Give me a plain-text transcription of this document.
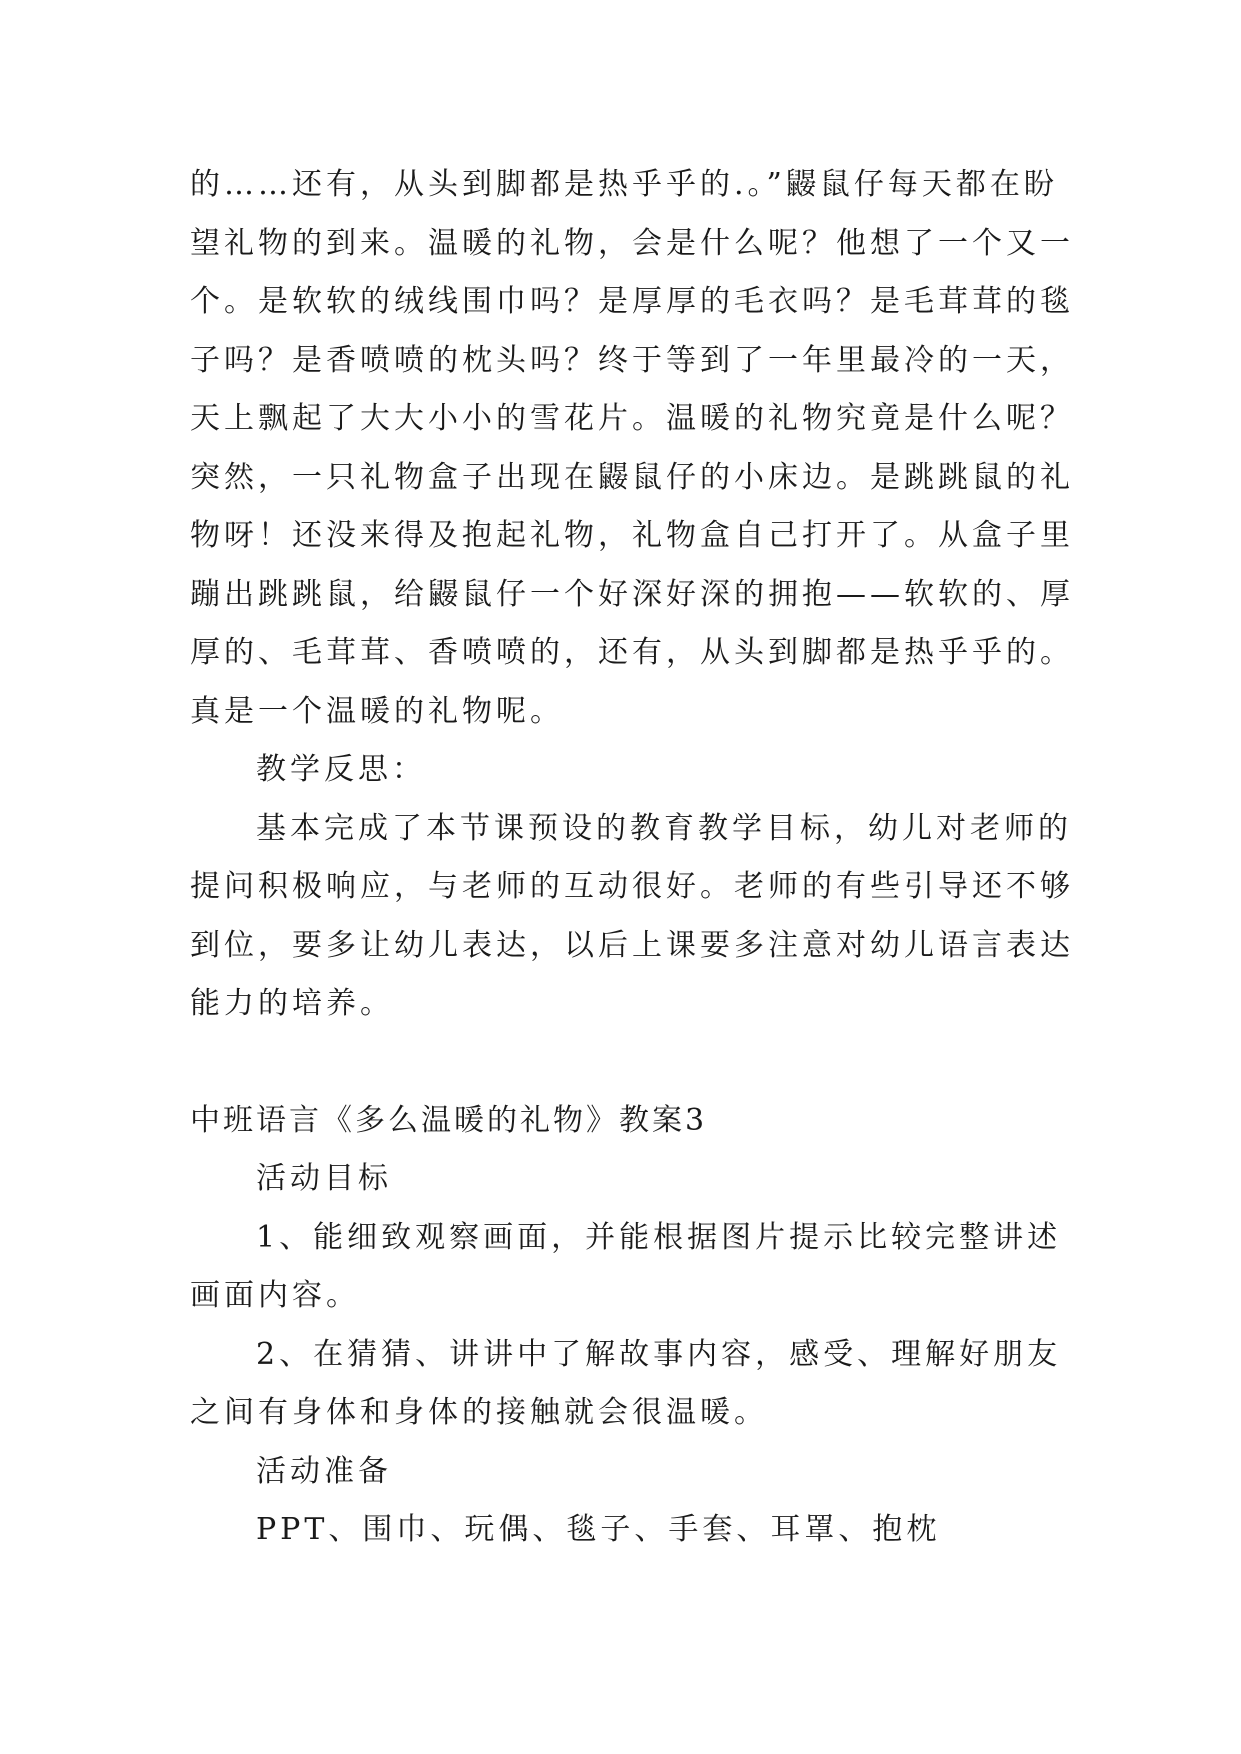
的……还有，从头到脚都是热乎乎的.。”鼹鼠仔每天都在盼
望礼物的到来。温暖的礼物，会是什么呢？他想了一个又一
个。是软软的绒线围巾吗？是厚厚的毛衣吗？是毛茸茸的毯
子吗？是香喷喷的枕头吗？终于等到了一年里最冷的一天，
天上飘起了大大小小的雪花片。温暖的礼物究竟是什么呢？
突然，一只礼物盒子出现在鼹鼠仔的小床边。是跳跳鼠的礼
物呀！还没来得及抱起礼物，礼物盒自己打开了。从盒子里
蹦出跳跳鼠，给鼹鼠仔一个好深好深的拥抱——软软的、厚
厚的、毛茸茸、香喷喷的，还有，从头到脚都是热乎乎的。
真是一个温暖的礼物呢。
教学反思：
基本完成了本节课预设的教育教学目标，幼儿对老师的
提问积极响应，与老师的互动很好。老师的有些引导还不够
到位，要多让幼儿表达，以后上课要多注意对幼儿语言表达
能力的培养。
中班语言《多么温暖的礼物》教案3
活动目标
1、能细致观察画面，并能根据图片提示比较完整讲述
画面内容。
2、在猜猜、讲讲中了解故事内容，感受、理解好朋友
之间有身体和身体的接触就会很温暖。
活动准备
PPT、围巾、玩偶、毯子、手套、耳罩、抱枕
